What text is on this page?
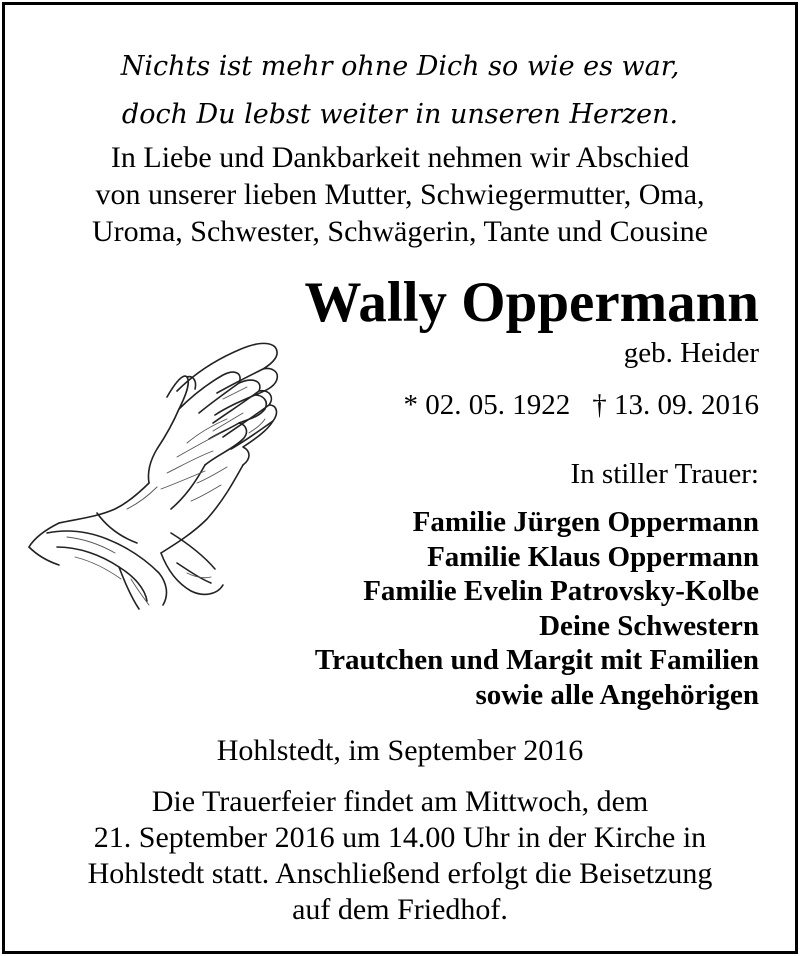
Nichts ist mehr ohne Dich so wie es war,
doch Du lebst weiter in unseren Herzen.
In Liebe und Dankbarkeit nehmen wir Abschied
von unserer lieben Mutter, Schwiegermutter, Oma,
Uroma, Schwester, Schwägerin, Tante und Cousine
Wally Oppermann
geb. Heider
* 02. 05. 1922 † 13. 09. 2016
In stiller Trauer:
Familie Jürgen Oppermann
Familie Klaus Oppermann
Familie Evelin Patrovsky-Kolbe
Deine Schwestern
Trautchen und Margit mit Familien
sowie alle Angehörigen
Hohlstedt, im September 2016
Die Trauerfeier findet am Mittwoch, dem
21. September 2016 um 14.00 Uhr in der Kirche in
Hohlstedt statt. Anschließend erfolgt die Beisetzung
auf dem Friedhof.
